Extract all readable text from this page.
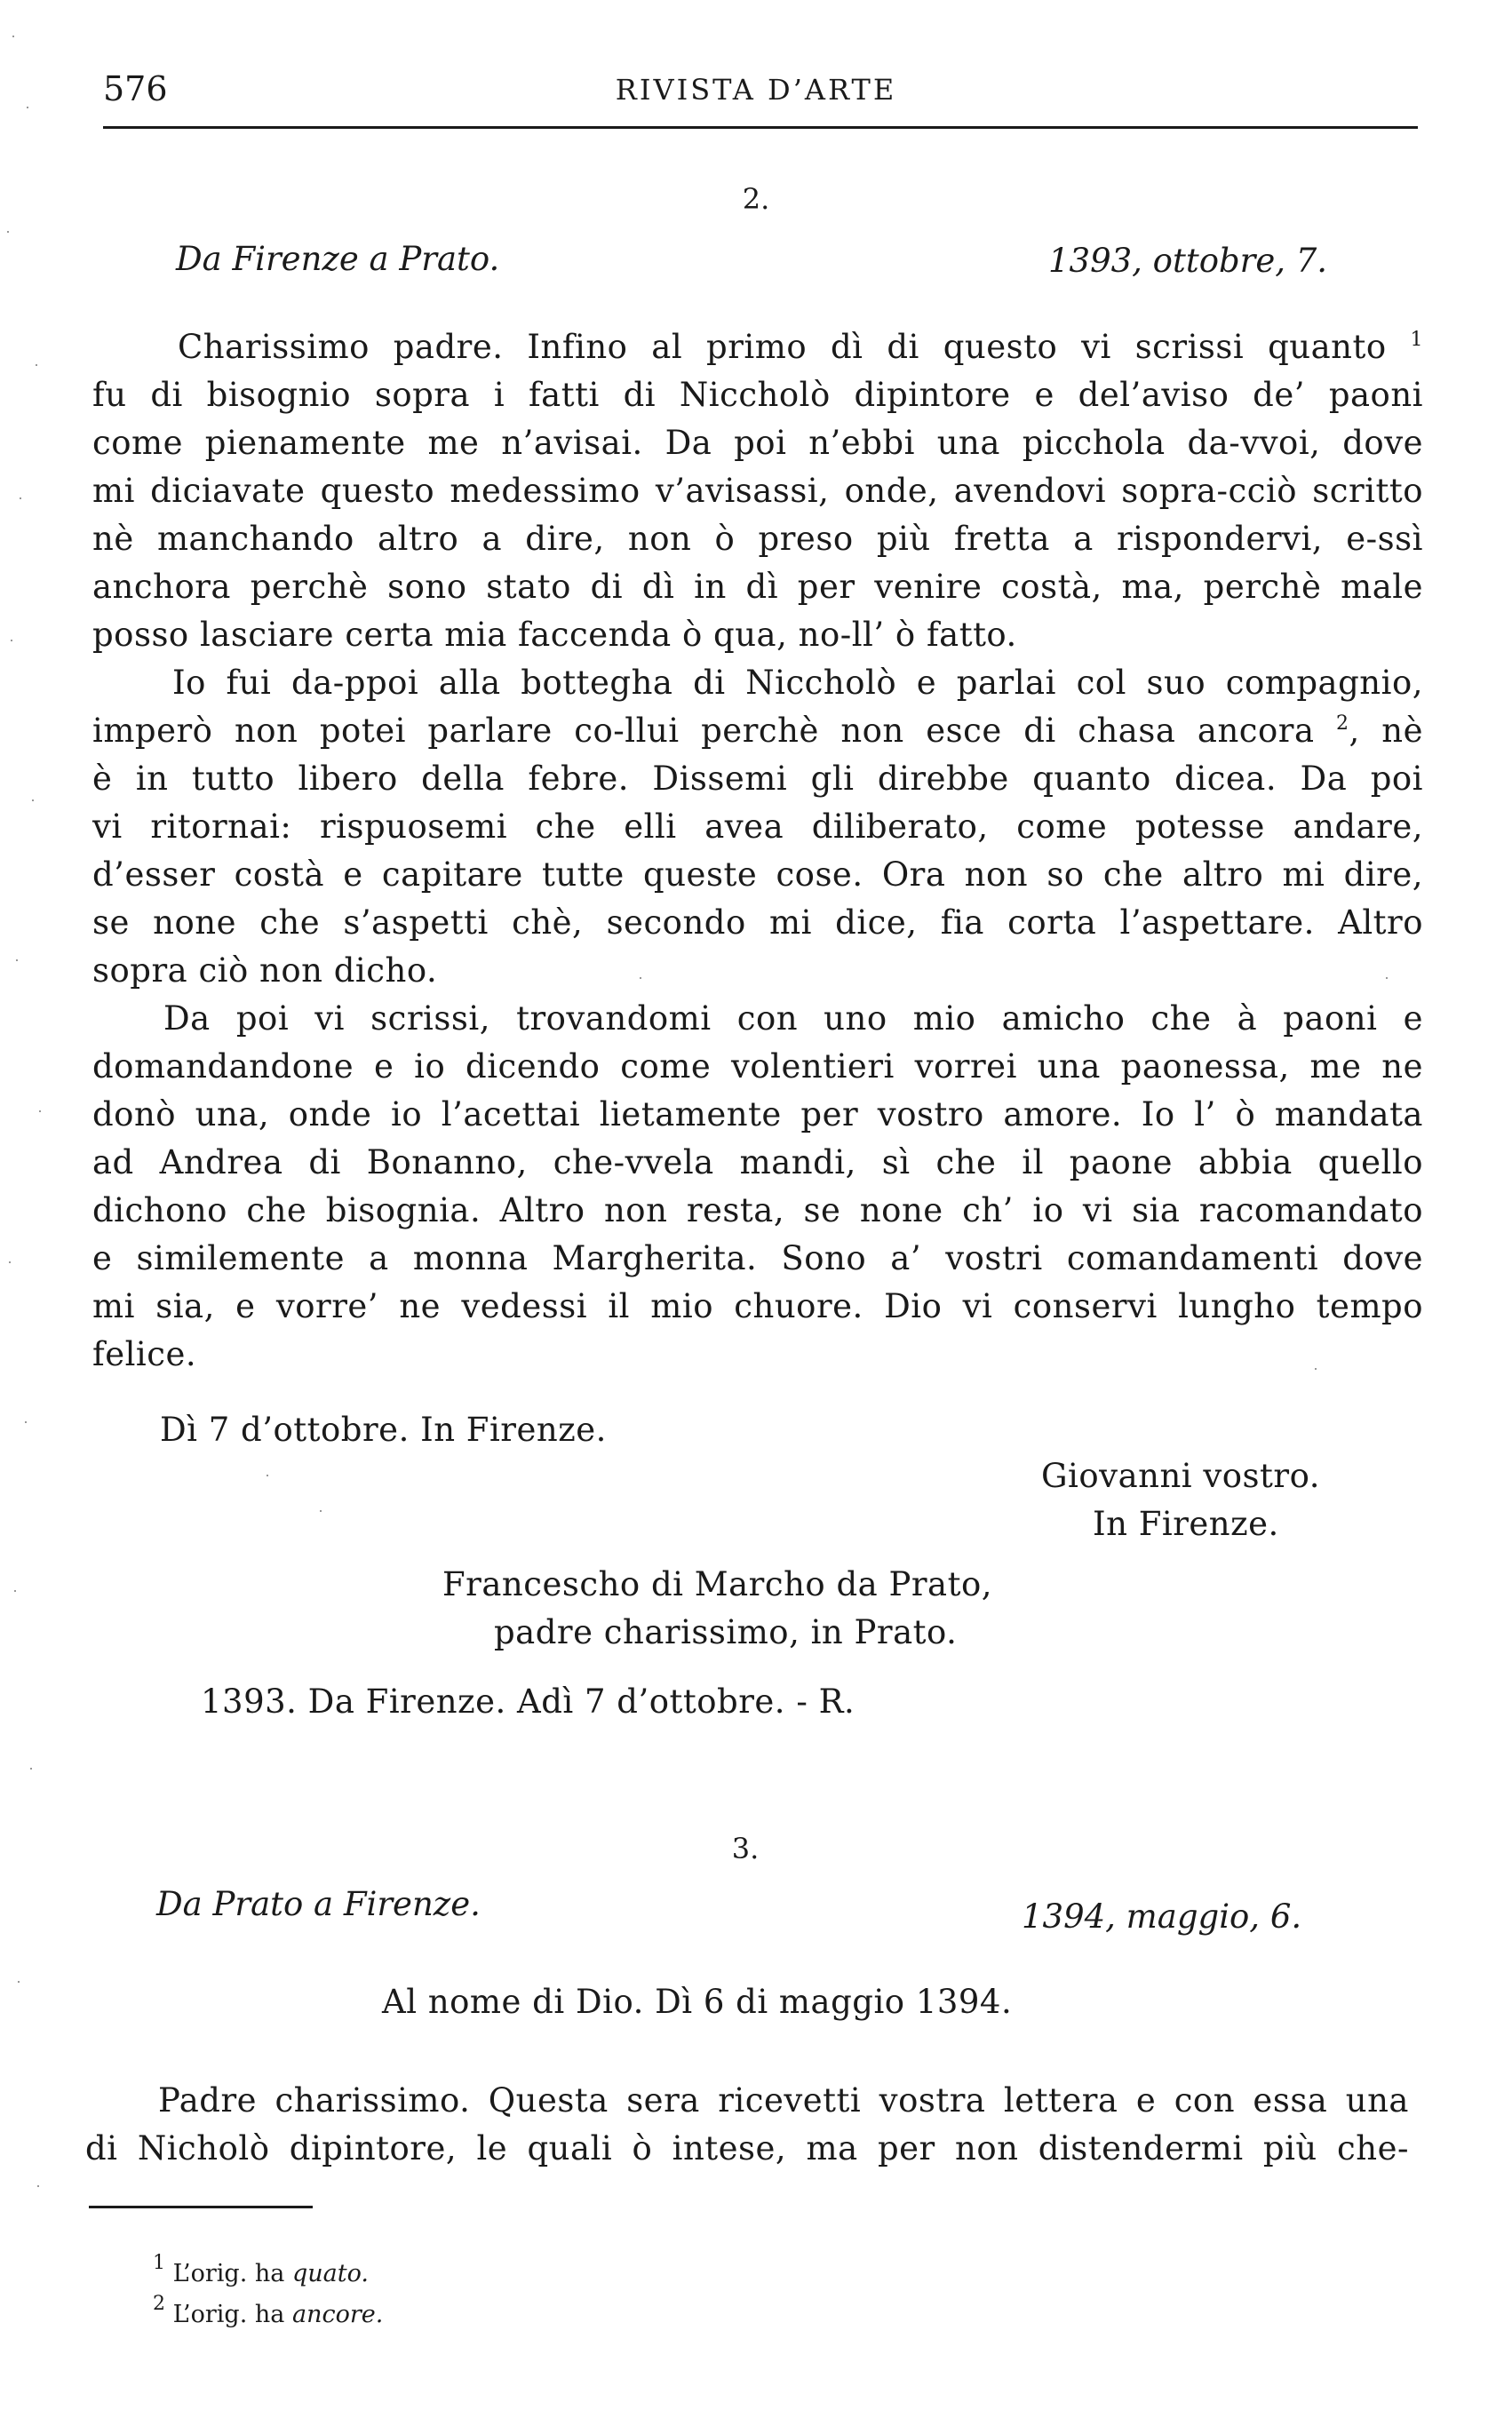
576	RIVISTA D’ARTE
2.
Da Firenze a Prato.	1393, ottobre, 7.
Charissimo padre. Infino al primo dì di questo vi scrissi quanto $^1$
fu di bisognio sopra i fatti di Niccholò dipintore e del’aviso de’ paoni
come pienamente me n’avisai. Da poi n’ebbi una picchola da-vvoi, dove
mi diciavate questo medessimo v’avisassi, onde, avendovi sopra-cciò scritto
nè manchando altro a dire, non ò preso più fretta a rispondervi, e-ssì
anchora perchè sono stato di dì in dì per venire costà, ma, perchè male
posso lasciare certa mia faccenda ò qua, no-ll’ ò fatto.
Io fui da-ppoi alla bottegha di Niccholò e parlai col suo compagnio,
imperò non potei parlare co-llui perchè non esce di chasa ancora $^2$, nè
è in tutto libero della febre. Dissemi gli direbbe quanto dicea. Da poi
vi ritornai: rispuosemi che elli avea diliberato, come potesse andare,
d’esser costà e capitare tutte queste cose. Ora non so che altro mi dire,
se none che s’aspetti chè, secondo mi dice, fia corta l’aspettare. Altro
sopra ciò non dicho.
Da poi vi scrissi, trovandomi con uno mio amicho che à paoni e
domandandone e io dicendo come volentieri vorrei una paonessa, me ne
donò una, onde io l’acettai lietamente per vostro amore. Io l’ ò mandata
ad Andrea di Bonanno, che-vvela mandi, sì che il paone abbia quello
dichono che bisognia. Altro non resta, se none ch’ io vi sia racomandato
e similemente a monna Margherita. Sono a’ vostri comandamenti dove
mi sia, e vorre’ ne vedessi il mio chuore. Dio vi conservi lungho tempo
felice.
Dì 7 d’ottobre. In Firenze.
Giovanni vostro.
In Firenze.
Francescho di Marcho da Prato,
padre charissimo, in Prato.
1393. Da Firenze. Adì 7 d’ottobre. - R.
3.
Da Prato a Firenze.	1394, maggio, 6.
Al nome di Dio. Dì 6 di maggio 1394.
Padre charissimo. Questa sera ricevetti vostra lettera e con essa una
di Nicholò dipintore, le quali ò intese, ma per non distendermi più che-
$^1$ L’orig. ha quato.
$^2$ L’orig. ha ancore.
